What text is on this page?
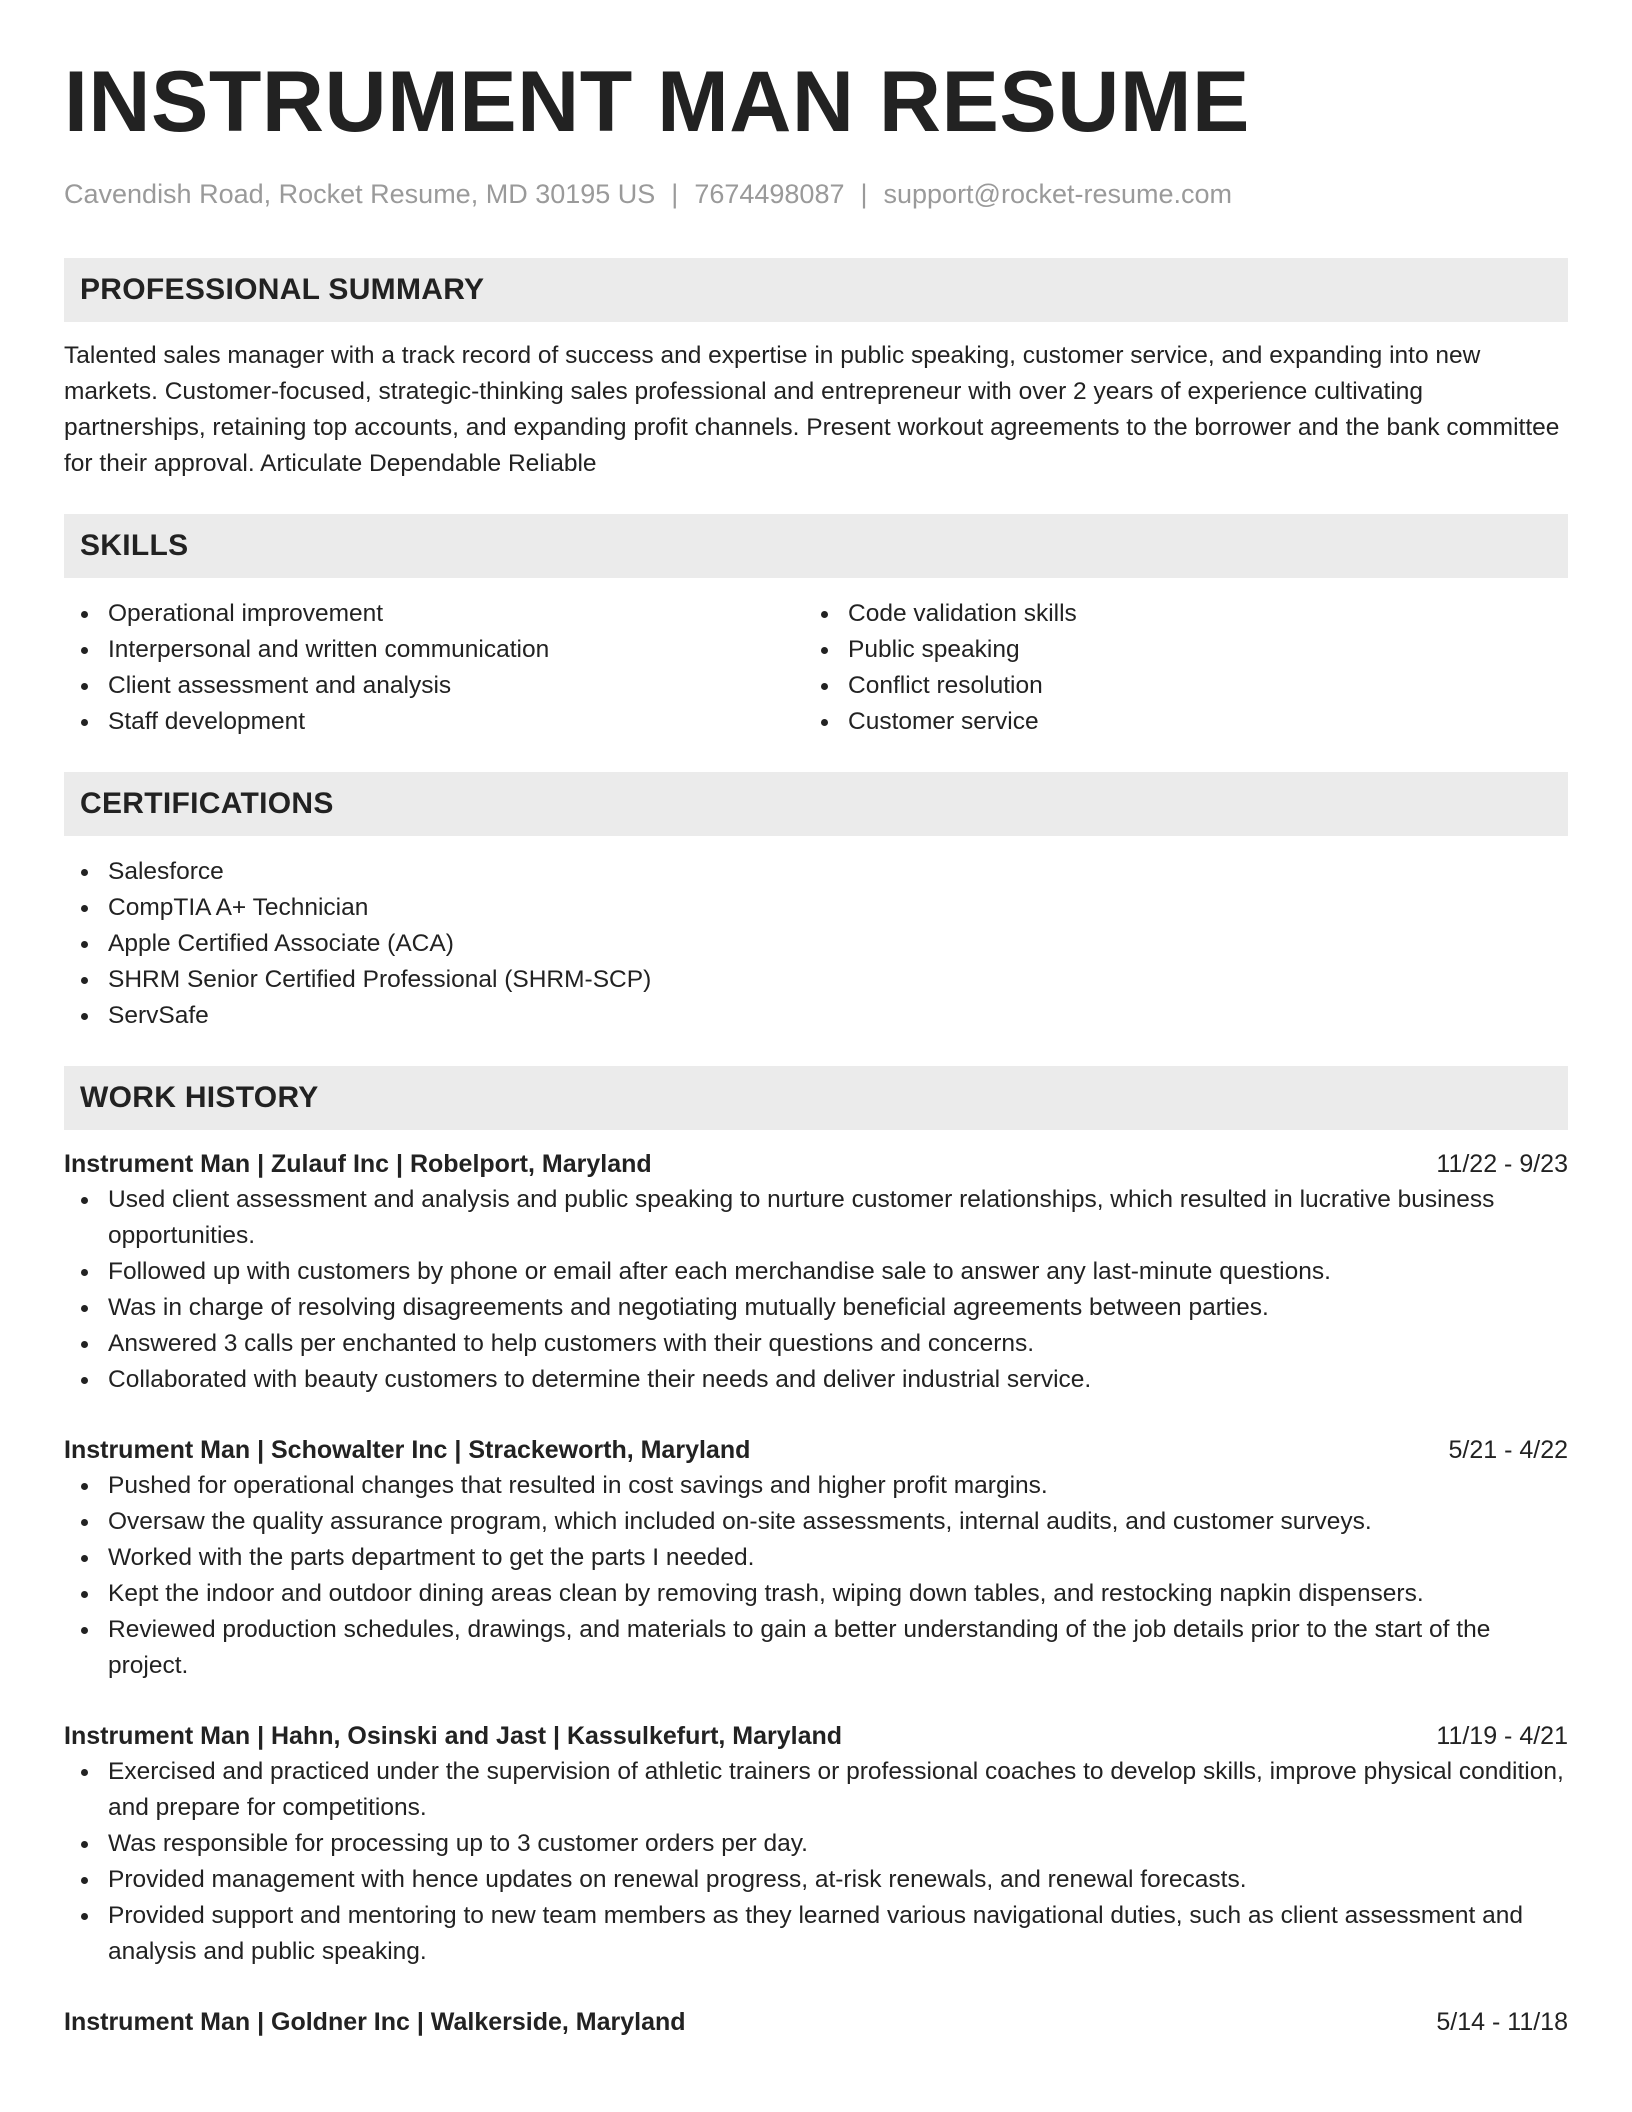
INSTRUMENT MAN RESUME
Cavendish Road, Rocket Resume, MD 30195 US | 7674498087 | support@rocket-resume.com
PROFESSIONAL SUMMARY

Talented sales manager with a track record of success and expertise in public speaking, customer service, and expanding into new markets. Customer-focused, strategic-thinking sales professional and entrepreneur with over 2 years of experience cultivating partnerships, retaining top accounts, and expanding profit channels. Present workout agreements to the borrower and the bank committee for their approval. Articulate Dependable Reliable

SKILLS
Operational improvement
Interpersonal and written communication
Client assessment and analysis
Staff development
Code validation skills
Public speaking
Conflict resolution
Customer service
CERTIFICATIONS
Salesforce
CompTIA A+ Technician
Apple Certified Associate (ACA)
SHRM Senior Certified Professional (SHRM-SCP)
ServSafe
WORK HISTORY
Instrument Man | Zulauf Inc | Robelport, Maryland	11/22 - 9/23
Used client assessment and analysis and public speaking to nurture customer relationships, which resulted in lucrative business opportunities.
Followed up with customers by phone or email after each merchandise sale to answer any last-minute questions.
Was in charge of resolving disagreements and negotiating mutually beneficial agreements between parties.
Answered 3 calls per enchanted to help customers with their questions and concerns.
Collaborated with beauty customers to determine their needs and deliver industrial service.
Instrument Man | Schowalter Inc | Strackeworth, Maryland	5/21 - 4/22
Pushed for operational changes that resulted in cost savings and higher profit margins.
Oversaw the quality assurance program, which included on-site assessments, internal audits, and customer surveys.
Worked with the parts department to get the parts I needed.
Kept the indoor and outdoor dining areas clean by removing trash, wiping down tables, and restocking napkin dispensers.
Reviewed production schedules, drawings, and materials to gain a better understanding of the job details prior to the start of the project.
Instrument Man | Hahn, Osinski and Jast | Kassulkefurt, Maryland	11/19 - 4/21
Exercised and practiced under the supervision of athletic trainers or professional coaches to develop skills, improve physical condition, and prepare for competitions.
Was responsible for processing up to 3 customer orders per day.
Provided management with hence updates on renewal progress, at-risk renewals, and renewal forecasts.
Provided support and mentoring to new team members as they learned various navigational duties, such as client assessment and analysis and public speaking.
Instrument Man | Goldner Inc | Walkerside, Maryland	5/14 - 11/18
